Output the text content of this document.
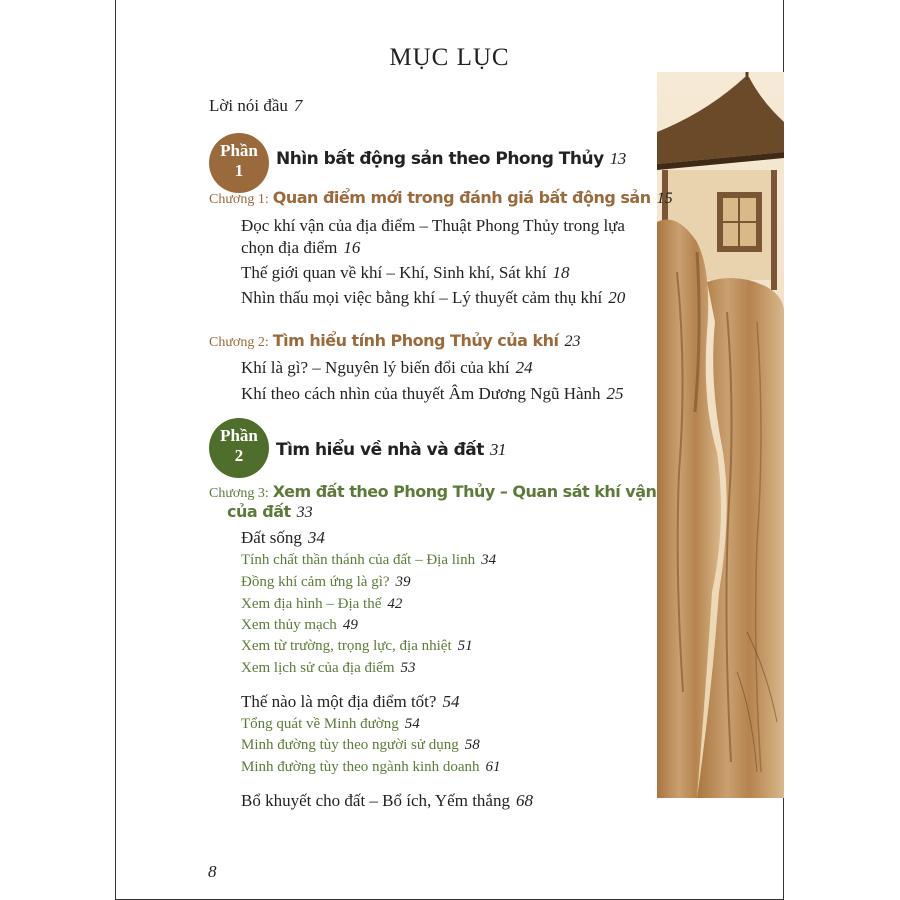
MỤC LỤC
Lời nói đầu 7
Phần
1
Nhìn bất động sản theo Phong Thủy 13
Chương 1: Quan điểm mới trong đánh giá bất động sản 15
Đọc khí vận của địa điểm – Thuật Phong Thủy trong lựa
chọn địa điểm 16
Thế giới quan về khí – Khí, Sinh khí, Sát khí 18
Nhìn thấu mọi việc bằng khí – Lý thuyết cảm thụ khí 20
Chương 2: Tìm hiểu tính Phong Thủy của khí 23
Khí là gì? – Nguyên lý biến đổi của khí 24
Khí theo cách nhìn của thuyết Âm Dương Ngũ Hành 25
Phần
2	Tìm hiểu về nhà và đất 31
Chương 3: Xem đất theo Phong Thủy – Quan sát khí vận
của đất 33
Đất sống 34
Tính chất thần thánh của đất – Địa linh 34
Đồng khí cảm ứng là gì? 39
Xem địa hình – Địa thế 42
Xem thủy mạch 49
Xem từ trường, trọng lực, địa nhiệt 51
Xem lịch sử của địa điểm 53
Thế nào là một địa điểm tốt? 54
Tổng quát về Minh đường 54
Minh đường tùy theo người sử dụng 58
Minh đường tùy theo ngành kinh doanh 61
Bổ khuyết cho đất – Bổ ích, Yếm thắng 68
8
